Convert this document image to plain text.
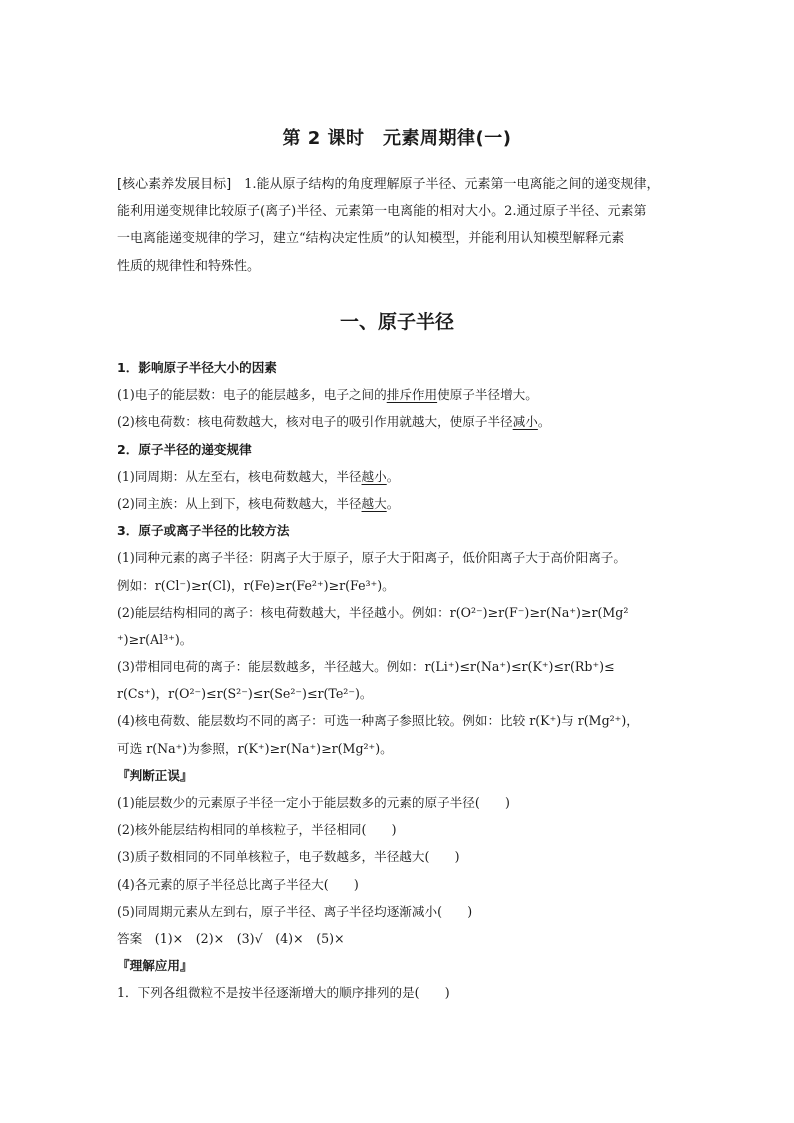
第 2 课时　元素周期律(一)
[核心素养发展目标]　1.能从原子结构的角度理解原子半径、元素第一电离能之间的递变规律，
能利用递变规律比较原子(离子)半径、元素第一电离能的相对大小。2.通过原子半径、元素第
一电离能递变规律的学习，建立“结构决定性质”的认知模型，并能利用认知模型解释元素
性质的规律性和特殊性。
一、原子半径
1．影响原子半径大小的因素
(1)电子的能层数：电子的能层越多，电子之间的排斥作用使原子半径增大。
(2)核电荷数：核电荷数越大，核对电子的吸引作用就越大，使原子半径减小。
2．原子半径的递变规律
(1)同周期：从左至右，核电荷数越大，半径越小。
(2)同主族：从上到下，核电荷数越大，半径越大。
3．原子或离子半径的比较方法
(1)同种元素的离子半径：阴离子大于原子，原子大于阳离子，低价阳离子大于高价阳离子。
例如：r(Cl⁻)≥r(Cl)，r(Fe)≥r(Fe²⁺)≥r(Fe³⁺)。
(2)能层结构相同的离子：核电荷数越大，半径越小。例如：r(O²⁻)≥r(F⁻)≥r(Na⁺)≥r(Mg²
⁺)≥r(Al³⁺)。
(3)带相同电荷的离子：能层数越多，半径越大。例如：r(Li⁺)≤r(Na⁺)≤r(K⁺)≤r(Rb⁺)≤
r(Cs⁺)，r(O²⁻)≤r(S²⁻)≤r(Se²⁻)≤r(Te²⁻)。
(4)核电荷数、能层数均不同的离子：可选一种离子参照比较。例如：比较 r(K⁺)与 r(Mg²⁺)，
可选 r(Na⁺)为参照，r(K⁺)≥r(Na⁺)≥r(Mg²⁺)。
『判断正误』
(1)能层数少的元素原子半径一定小于能层数多的元素的原子半径(　　)
(2)核外能层结构相同的单核粒子，半径相同(　　)
(3)质子数相同的不同单核粒子，电子数越多，半径越大(　　)
(4)各元素的原子半径总比离子半径大(　　)
(5)同周期元素从左到右，原子半径、离子半径均逐渐减小(　　)
答案　(1)×　(2)×　(3)√　(4)×　(5)×
『理解应用』
1．下列各组微粒不是按半径逐渐增大的顺序排列的是(　　)
